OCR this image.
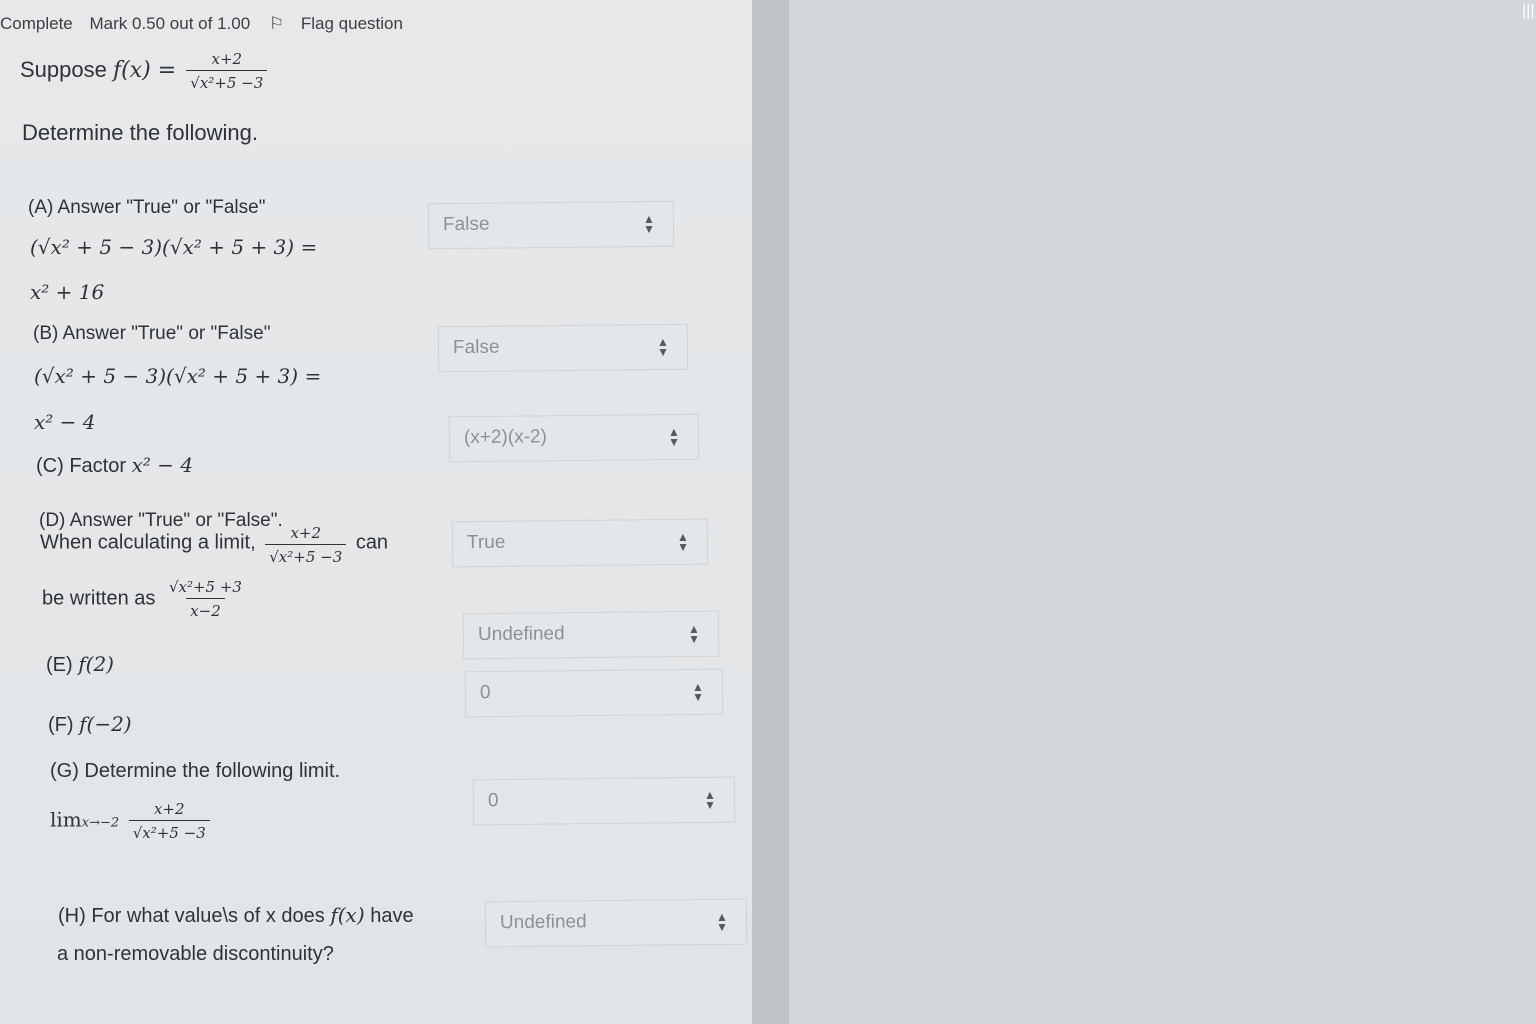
Complete Mark 0.50 out of 1.00 ⚐ Flag question
Suppose $f(x) = \frac{x+2}{\text{√x²+5 −3}}$
Determine the following.
(A) Answer "True" or "False"
(√x² + 5 − 3)(√x² + 5 + 3) =
x² + 16
False	▲
▼
(B) Answer "True" or "False"
(√x² + 5 − 3)(√x² + 5 + 3) =
x² − 4
False	▲
▼
(C) Factor x² − 4
(x+2)(x-2)	▲
▼
(D) Answer "True" or "False".
When calculating a limit, $\frac{x+2}{\text{√x²+5 −3}}$ can
be written as $\frac{\text{√x²+5 +3}}{x-2}$
True	▲
▼
(E) f(2)
Undefined	▲
▼
(F) f(−2)
0	▲
▼
(G) Determine the following limit.
$\lim x\to-2 \frac{x+2}{\text{√x²+5 −3}}$	0	▲
▼
(H) For what value\s of x does f(x) have
a non-removable discontinuity?
Undefined	▲
▼
|||
